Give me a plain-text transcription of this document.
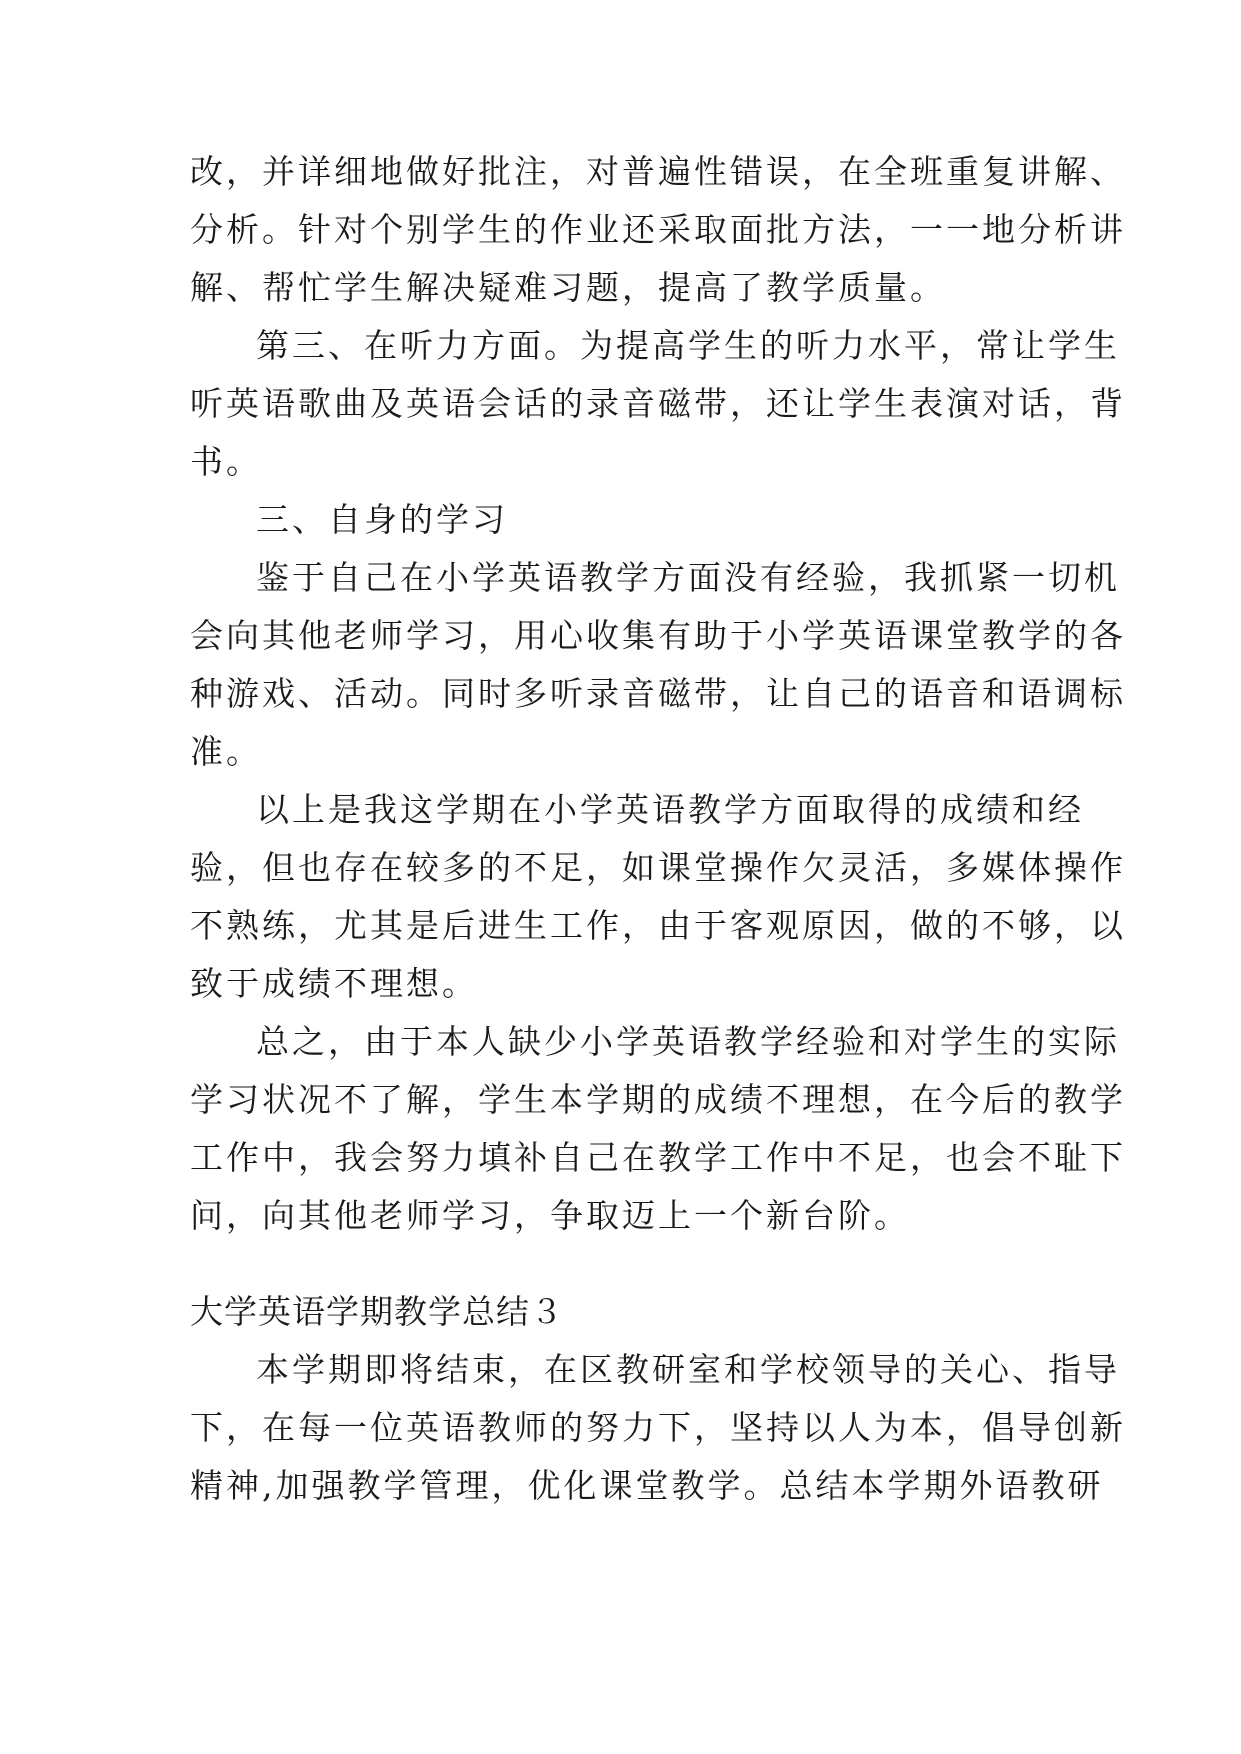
改，并详细地做好批注，对普遍性错误，在全班重复讲解、
分析。针对个别学生的作业还采取面批方法，一一地分析讲
解、帮忙学生解决疑难习题，提高了教学质量。
第三、在听力方面。为提高学生的听力水平，常让学生
听英语歌曲及英语会话的录音磁带，还让学生表演对话，背
书。
三、自身的学习
鉴于自己在小学英语教学方面没有经验，我抓紧一切机
会向其他老师学习，用心收集有助于小学英语课堂教学的各
种游戏、活动。同时多听录音磁带，让自己的语音和语调标
准。
以上是我这学期在小学英语教学方面取得的成绩和经
验，但也存在较多的不足，如课堂操作欠灵活，多媒体操作
不熟练，尤其是后进生工作，由于客观原因，做的不够，以
致于成绩不理想。
总之，由于本人缺少小学英语教学经验和对学生的实际
学习状况不了解，学生本学期的成绩不理想，在今后的教学
工作中，我会努力填补自己在教学工作中不足，也会不耻下
问，向其他老师学习，争取迈上一个新台阶。
大学英语学期教学总结３
本学期即将结束，在区教研室和学校领导的关心、指导
下，在每一位英语教师的努力下，坚持以人为本，倡导创新
精神,加强教学管理，优化课堂教学。总结本学期外语教研
